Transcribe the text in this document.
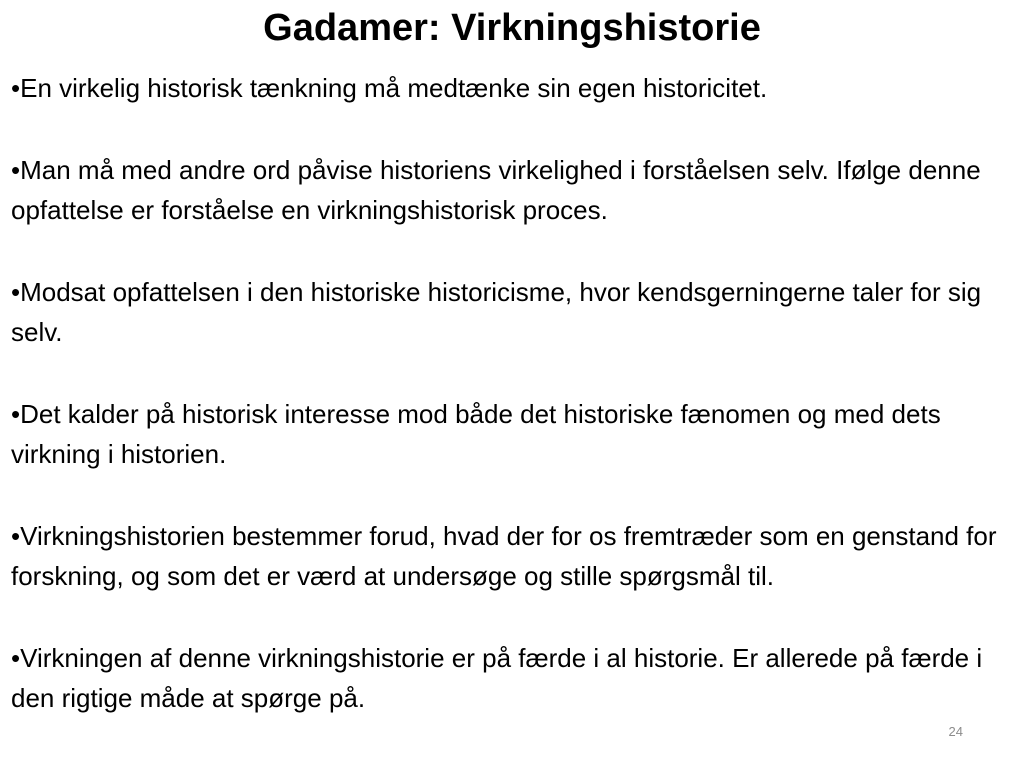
Gadamer: Virkningshistorie

•En virkelig historisk tænkning må medtænke sin egen historicitet.

•Man må med andre ord påvise historiens virkelighed i forståelsen selv. Ifølge denne opfattelse er forståelse en virkningshistorisk proces.

•Modsat opfattelsen i den historiske historicisme, hvor kendsgerningerne taler for sig selv.

•Det kalder på historisk interesse mod både det historiske fænomen og med dets virkning i historien.

•Virkningshistorien bestemmer forud, hvad der for os fremtræder som en genstand for forskning, og som det er værd at undersøge og stille spørgsmål til.

•Virkningen af denne virkningshistorie er på færde i al historie. Er allerede på færde i den rigtige måde at spørge på.

24
